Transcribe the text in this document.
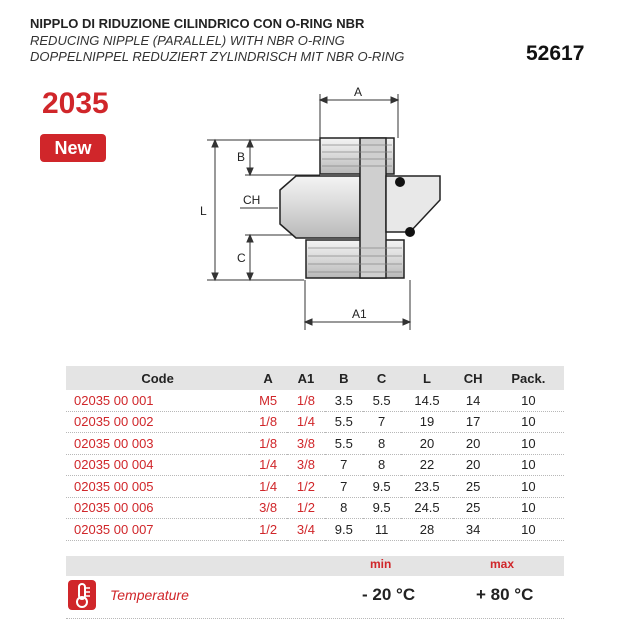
NIPPLO DI RIDUZIONE CILINDRICO CON O-RING NBR
REDUCING NIPPLE (PARALLEL) WITH NBR O-RING
DOPPELNIPPEL REDUZIERT ZYLINDRISCH MIT NBR O-RING	52617
2035
New
A
A1
B
C
CH
L
Code	A	A1	B	C	L	CH	Pack.
02035 00 001	M5	1/8	3.5	5.5	14.5	14	10
02035 00 002	1/8	1/4	5.5	7	19	17	10
02035 00 003	1/8	3/8	5.5	8	20	20	10
02035 00 004	1/4	3/8	7	8	22	20	10
02035 00 005	1/4	1/2	7	9.5	23.5	25	10
02035 00 006	3/8	1/2	8	9.5	24.5	25	10
02035 00 007	1/2	3/4	9.5	11	28	34	10
min	max
Temperature	- 20 °C	+ 80 °C
